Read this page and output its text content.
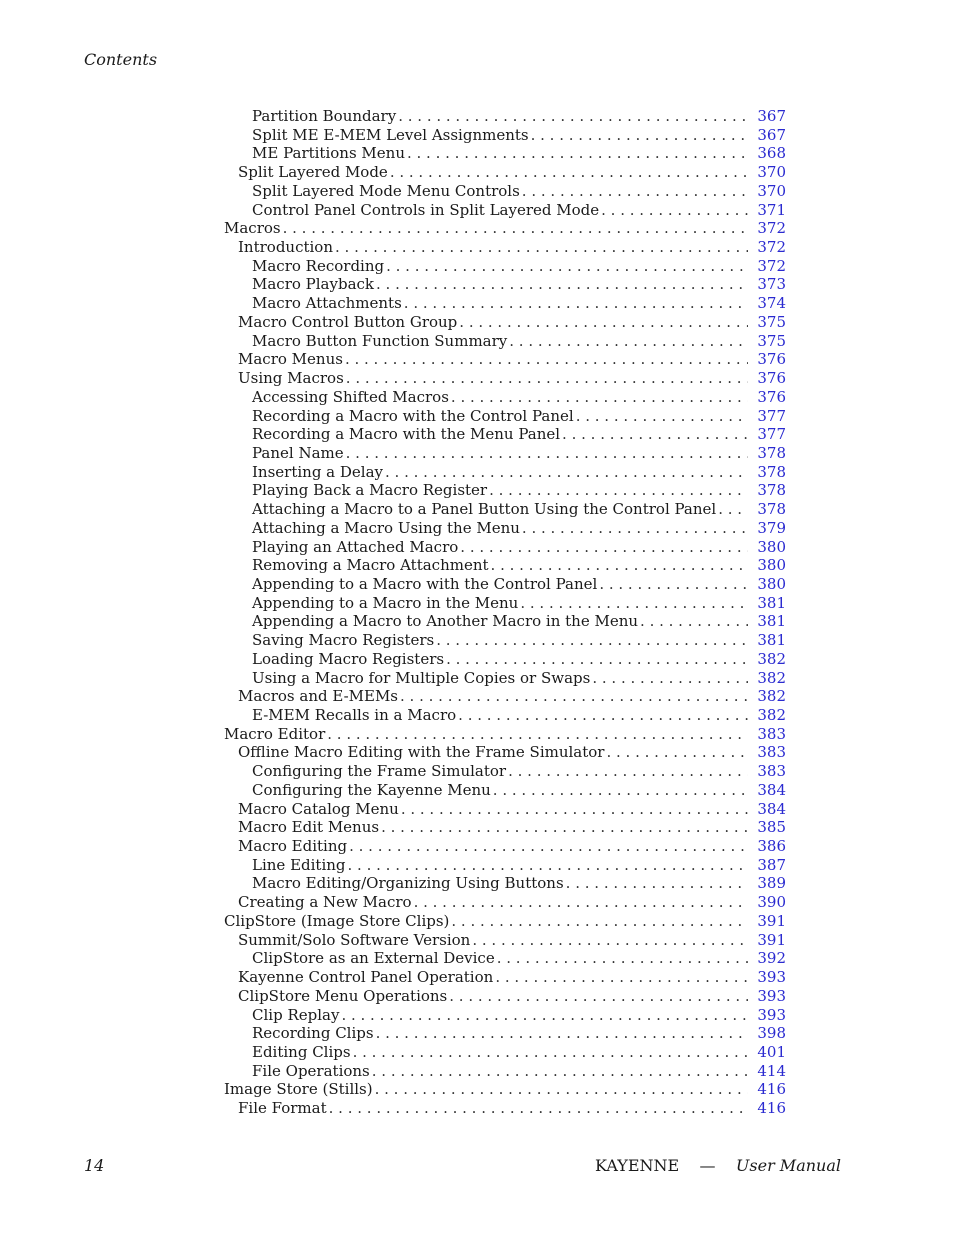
Contents
Partition Boundary . . .	367
Split ME E-MEM Level Assignments . . .	367
ME Partitions Menu . . .	368
Split Layered Mode . . .	370
Split Layered Mode Menu Controls . . .	370
Control Panel Controls in Split Layered Mode . . .	371
Macros . . .	372
Introduction . . .	372
Macro Recording . . .	372
Macro Playback . . .	373
Macro Attachments . . .	374
Macro Control Button Group . . .	375
Macro Button Function Summary . . .	375
Macro Menus . . .	376
Using Macros . . .	376
Accessing Shifted Macros . . .	376
Recording a Macro with the Control Panel . . .	377
Recording a Macro with the Menu Panel . . .	377
Panel Name . . .	378
Inserting a Delay . . .	378
Playing Back a Macro Register . . .	378
Attaching a Macro to a Panel Button Using the Control Panel . . .	378
Attaching a Macro Using the Menu . . .	379
Playing an Attached Macro . . .	380
Removing a Macro Attachment . . .	380
Appending to a Macro with the Control Panel . . .	380
Appending to a Macro in the Menu . . .	381
Appending a Macro to Another Macro in the Menu . . .	381
Saving Macro Registers . . .	381
Loading Macro Registers . . .	382
Using a Macro for Multiple Copies or Swaps . . .	382
Macros and E-MEMs . . .	382
E-MEM Recalls in a Macro . . .	382
Macro Editor . . .	383
Offline Macro Editing with the Frame Simulator . . .	383
Configuring the Frame Simulator . . .	383
Configuring the Kayenne Menu . . .	384
Macro Catalog Menu . . .	384
Macro Edit Menus . . .	385
Macro Editing . . .	386
Line Editing . . .	387
Macro Editing/Organizing Using Buttons . . .	389
Creating a New Macro . . .	390
ClipStore (Image Store Clips) . . .	391
Summit/Solo Software Version . . .	391
ClipStore as an External Device . . .	392
Kayenne Control Panel Operation . . .	393
ClipStore Menu Operations . . .	393
Clip Replay . . .	393
Recording Clips . . .	398
Editing Clips . . .	401
File Operations . . .	414
Image Store (Stills) . . .	416
File Format . . .	416
14	KAYENNE — User Manual
